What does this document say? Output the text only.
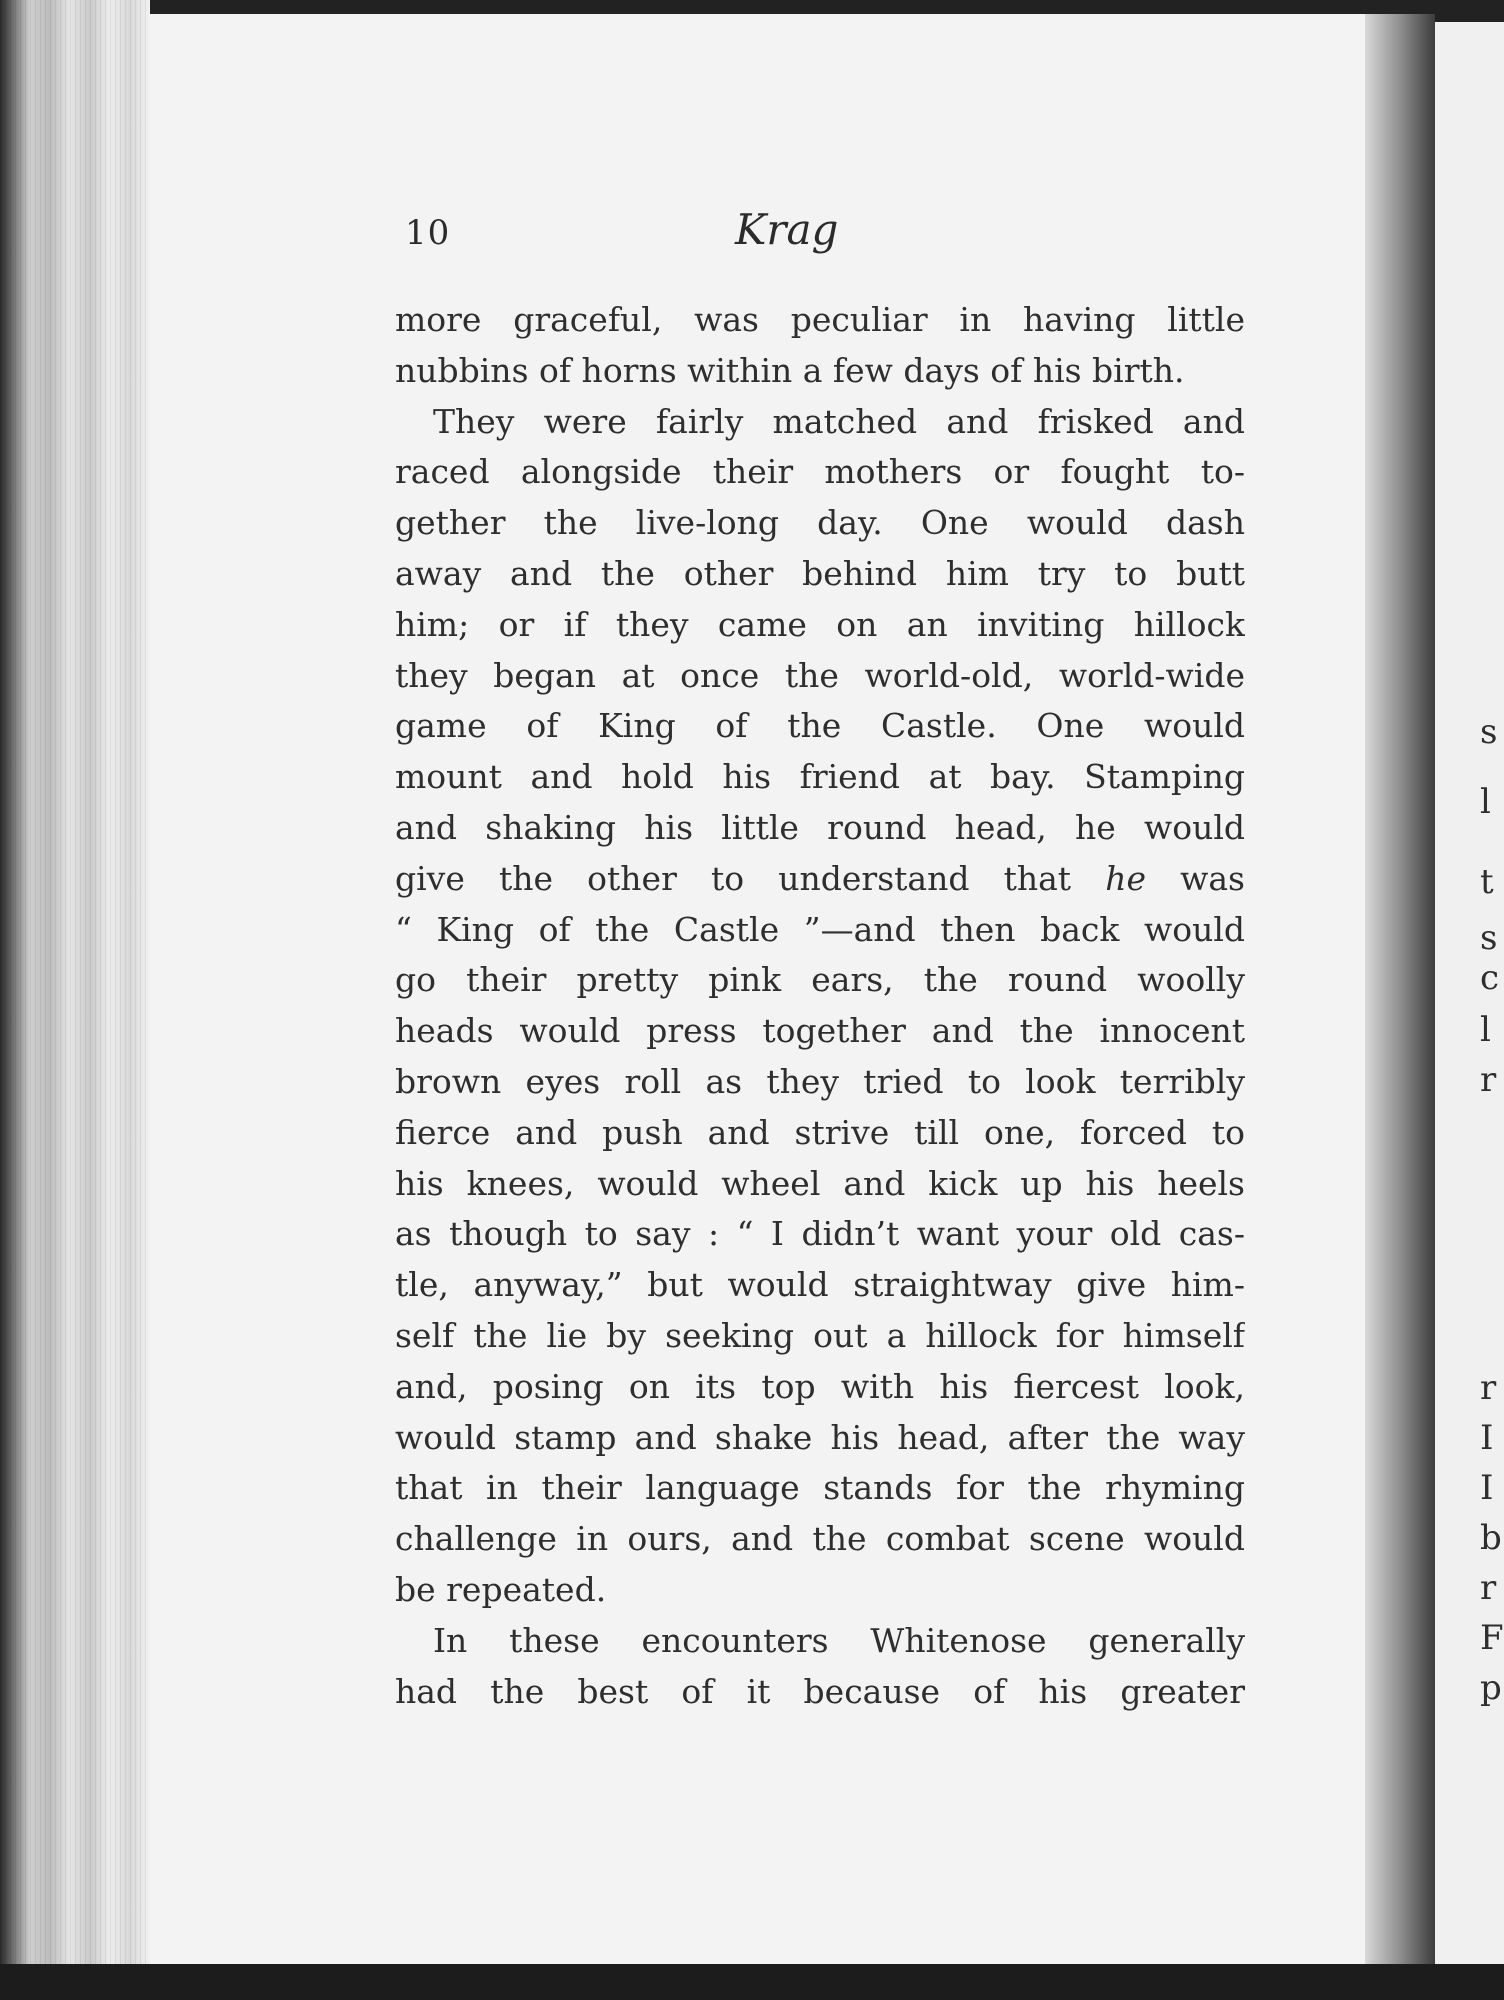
s
l
t
s
c
l
r
r
I
I
b
r
F
p
10	Krag
more graceful, was peculiar in having little
nubbins of horns within a few days of his birth.
They were fairly matched and frisked and
raced alongside their mothers or fought to-
gether the live-long day. One would dash
away and the other behind him try to butt
him; or if they came on an inviting hillock
they began at once the world-old, world-wide
game of King of the Castle. One would
mount and hold his friend at bay. Stamping
and shaking his little round head, he would
give the other to understand that he was
“ King of the Castle ”—and then back would
go their pretty pink ears, the round woolly
heads would press together and the innocent
brown eyes roll as they tried to look terribly
fierce and push and strive till one, forced to
his knees, would wheel and kick up his heels
as though to say : “ I didn’t want your old cas-
tle, anyway,” but would straightway give him-
self the lie by seeking out a hillock for himself
and, posing on its top with his fiercest look,
would stamp and shake his head, after the way
that in their language stands for the rhyming
challenge in ours, and the combat scene would
be repeated.
In these encounters Whitenose generally
had the best of it because of his greater
